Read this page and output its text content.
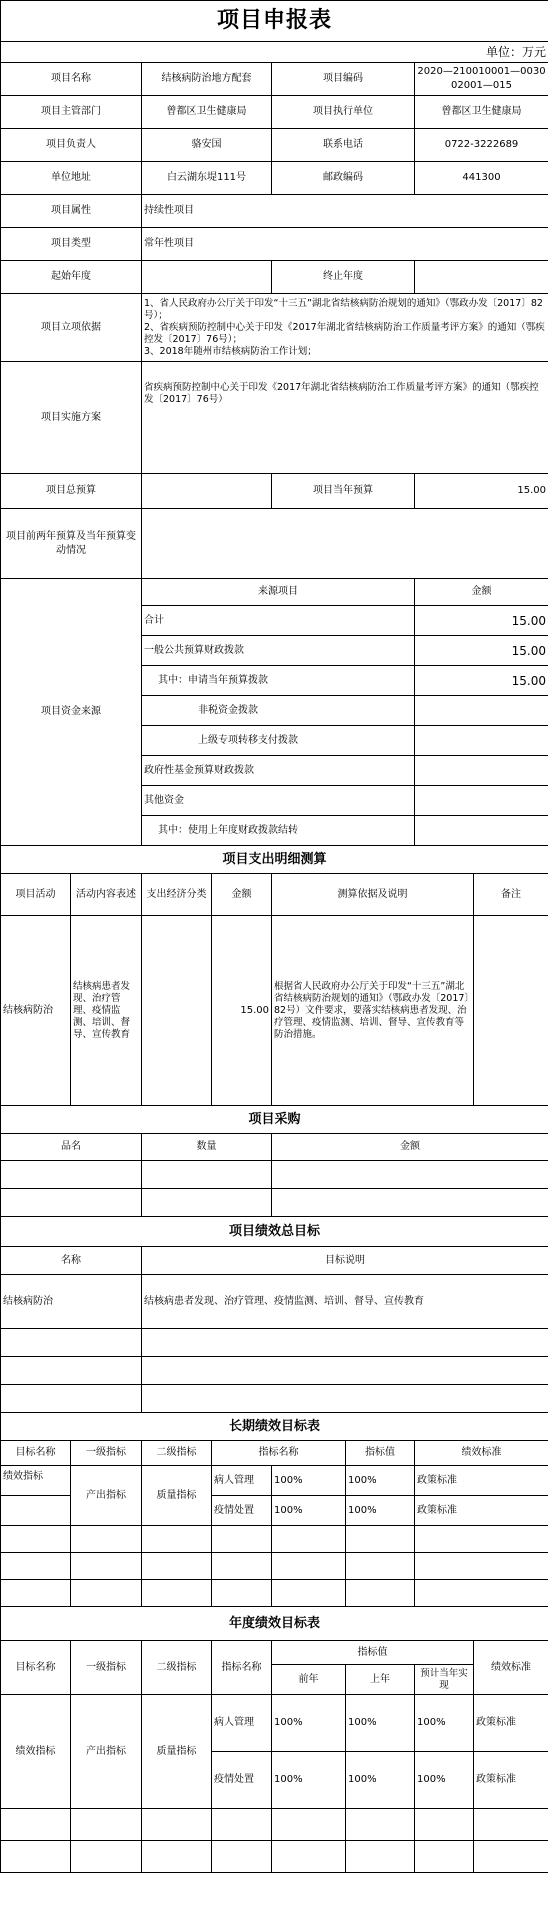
项目申报表							
单位：万元							
项目名称		结核病防治地方配套		项目编码		2020—210010001—003002001—015	
项目主管部门		曾都区卫生健康局		项目执行单位		曾都区卫生健康局	
项目负责人		骆安国		联系电话		0722-3222689	
单位地址		白云湖东堤111号		邮政编码		441300	
项目属性		持续性项目					
项目类型		常年性项目					
起始年度				终止年度			
项目立项依据		1、省人民政府办公厅关于印发“十三五”湖北省结核病防治规划的通知》（鄂政办发〔2017〕82号）；
2、省疾病预防控制中心关于印发《2017年湖北省结核病防治工作质量考评方案》的通知（鄂疾控发〔2017〕76号）；
3、2018年随州市结核病防治工作计划；					

项目实施方案		省疾病预防控制中心关于印发《2017年湖北省结核病防治工作质量考评方案》的通知（鄂疾控发〔2017〕76号）					
项目总预算				项目当年预算		15.00	
项目前两年预算及当年预算变动情况							
项目资金来源		来源项目				金额	
		合计				15.00	
		一般公共预算财政拨款				15.00	
		其中：申请当年预算拨款				15.00	
		非税资金拨款					
		上级专项转移支付拨款					
		政府性基金预算财政拨款					
		其他资金					
		其中：使用上年度财政拨款结转					
项目支出明细测算							
项目活动	活动内容表述	支出经济分类	金额	测算依据及说明			备注
结核病防治	结核病患者发现、治疗管理、疫情监测、培训、督导、宣传教育		15.00	根据省人民政府办公厅关于印发“十三五”湖北省结核病防治规划的通知》（鄂政办发〔2017〕82号）文件要求，要落实结核病患者发现、治疗管理、疫情监测、培训、督导、宣传教育等防治措施。			
项目采购							
品名		数量		金额			

项目绩效总目标							
名称		目标说明					
结核病防治		结核病患者发现、治疗管理、疫情监测、培训、督导、宣传教育					

长期绩效目标表							
目标名称	一级指标	二级指标	指标名称		指标值	绩效标准	
绩效指标	产出指标	质量指标	病人管理	100%	100%	政策标准	
			疫情处置	100%	100%	政策标准	

年度绩效目标表							
目标名称	一级指标	二级指标	指标名称	指标值			绩效标准
				前年	上年	预计当年实现	
绩效指标	产出指标	质量指标	病人管理	100%	100%	100%	政策标准
			疫情处置	100%	100%	100%	政策标准
